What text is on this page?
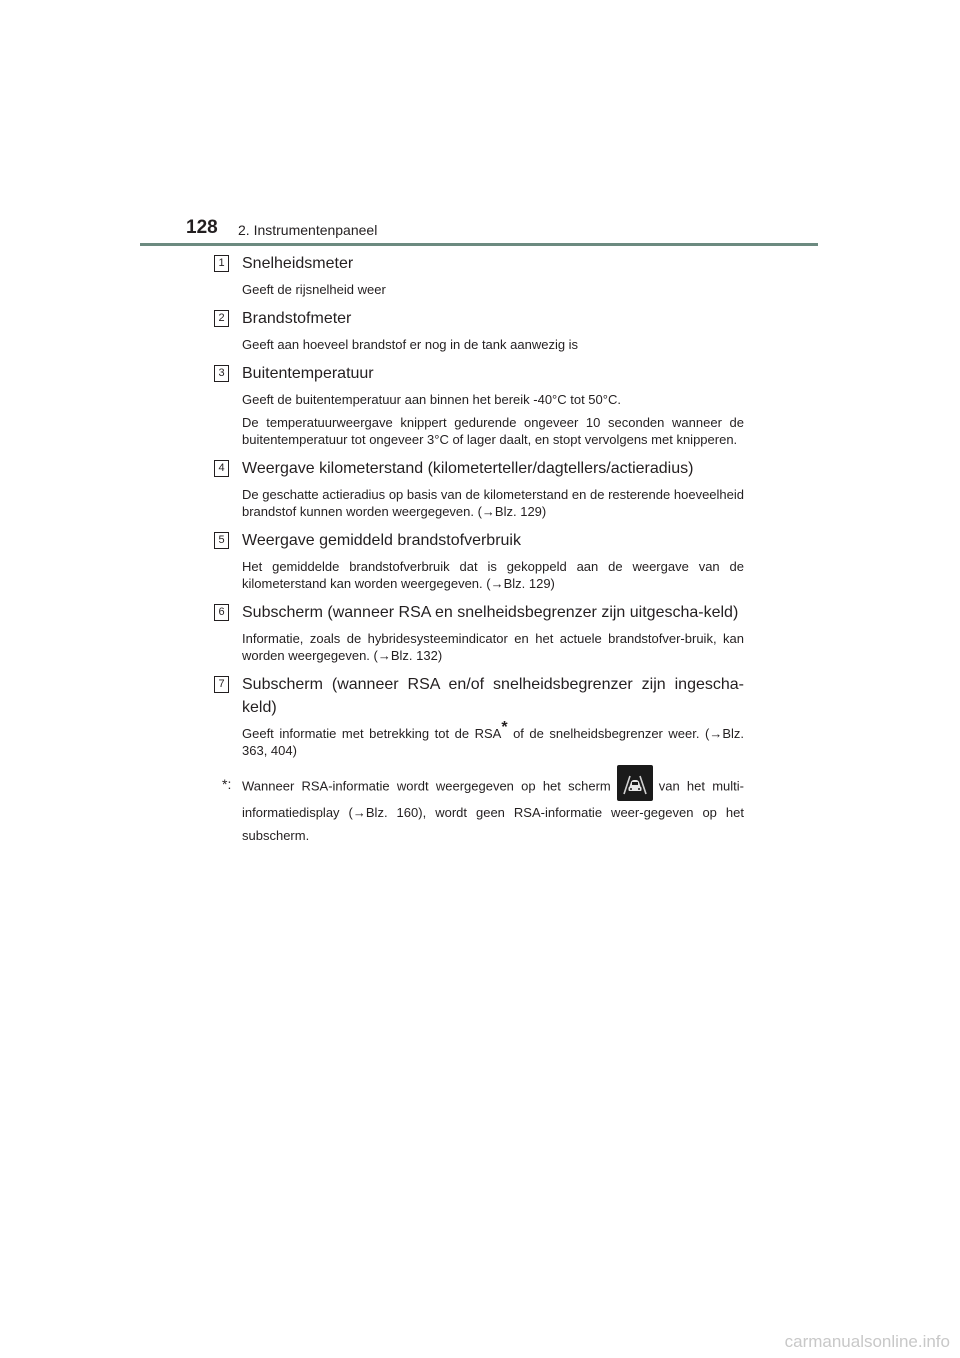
128 2. Instrumentenpaneel
1 Snelheidsmeter
Geeft de rijsnelheid weer
2 Brandstofmeter
Geeft aan hoeveel brandstof er nog in de tank aanwezig is
3 Buitentemperatuur
Geeft de buitentemperatuur aan binnen het bereik -40°C tot 50°C.
De temperatuurweergave knippert gedurende ongeveer 10 seconden wanneer de buitentemperatuur tot ongeveer 3°C of lager daalt, en stopt vervolgens met knipperen.
4 Weergave kilometerstand (kilometerteller/dagtellers/actieradius)
De geschatte actieradius op basis van de kilometerstand en de resterende hoeveelheid brandstof kunnen worden weergegeven. (→Blz. 129)
5 Weergave gemiddeld brandstofverbruik
Het gemiddelde brandstofverbruik dat is gekoppeld aan de weergave van de kilometerstand kan worden weergegeven. (→Blz. 129)
6 Subscherm (wanneer RSA en snelheidsbegrenzer zijn uitgescha-keld)
Informatie, zoals de hybridesysteemindicator en het actuele brandstofver-bruik, kan worden weergegeven. (→Blz. 132)
7 Subscherm (wanneer RSA en/of snelheidsbegrenzer zijn ingescha-keld)
Geeft informatie met betrekking tot de RSA* of de snelheidsbegrenzer weer. (→Blz. 363, 404)
*: Wanneer RSA-informatie wordt weergegeven op het scherm	van het multi-informatiedisplay (→Blz. 160), wordt geen RSA-informatie weer-gegeven op het subscherm.
carmanualsonline.info
